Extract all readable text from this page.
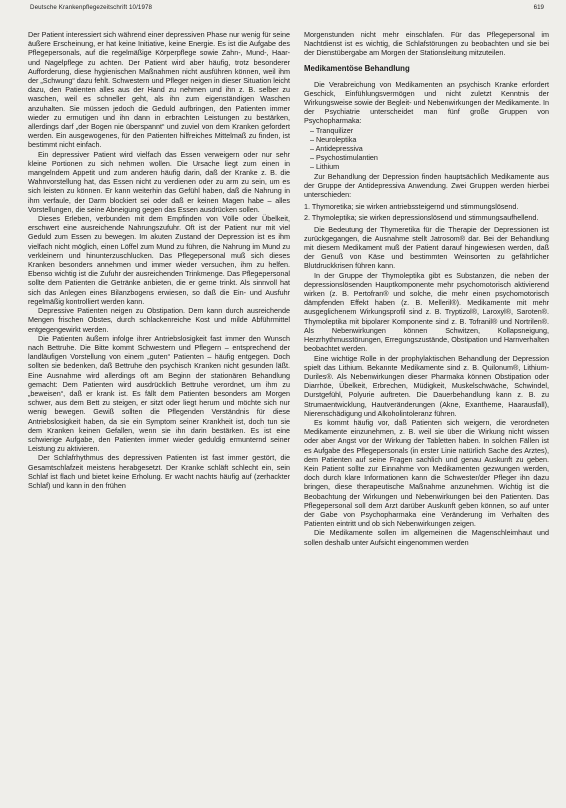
Deutsche Krankenpflegezeitschrift 10/1978	619

Der Patient interessiert sich während einer depressiven Phase nur wenig für seine äußere Erscheinung, er hat keine Initiative, keine Energie. Es ist die Aufgabe des Pflegepersonals, auf die regelmäßige Körperpflege sowie Zahn-, Mund-, Haar- und Nagelpflege zu achten. Der Patient wird aber häufig, trotz besonderer Aufforderung, diese hygienischen Maßnahmen nicht ausführen können, weil ihm der „Schwung“ dazu fehlt. Schwestern und Pfleger neigen in dieser Situation leicht dazu, den Patienten alles aus der Hand zu nehmen und ihn z. B. selber zu waschen, weil es schneller geht, als ihn zum eigenständigen Waschen anzuhalten. Sie müssen jedoch die Geduld aufbringen, den Patienten immer wieder zu ermutigen und ihn dann in erbrachten Leistungen zu bestärken, allerdings darf „der Bogen nie überspannt“ und zuviel von dem Kranken gefordert werden. Ein ausgewogenes, für den Patienten hilfreiches Mittelmaß zu finden, ist bestimmt nicht einfach.

Ein depressiver Patient wird vielfach das Essen verweigern oder nur sehr kleine Portionen zu sich nehmen wollen. Die Ursache liegt zum einen in mangelndem Appetit und zum anderen häufig darin, daß der Kranke z. B. die Wahnvorstellung hat, das Essen nicht zu verdienen oder zu arm zu sein, um es sich leisten zu können. Er kann weiterhin das Gefühl haben, daß die Nahrung in ihm verfaule, der Darm blockiert sei oder daß er keinen Magen habe – alles Vorstellungen, die seine Abneigung gegen das Essen ausdrücken sollen.

Dieses Erleben, verbunden mit dem Empfinden von Völle oder Übelkeit, erschwert eine ausreichende Nahrungszufuhr. Oft ist der Patient nur mit viel Geduld zum Essen zu bewegen. Im akuten Zustand der Depression ist es ihm vielfach nicht möglich, einen Löffel zum Mund zu führen, die Nahrung im Mund zu verkleinern und hinunterzuschlucken. Das Pflegepersonal muß sich dieses Kranken besonders annehmen und immer wieder versuchen, ihm zu helfen. Ebenso wichtig ist die Zufuhr der ausreichenden Trinkmenge. Das Pflegepersonal sollte dem Patienten die Getränke anbieten, die er gerne trinkt. Als sinnvoll hat sich das Anlegen eines Bilanzbogens erwiesen, so daß die Ein- und Ausfuhr regelmäßig kontrolliert werden kann.

Depressive Patienten neigen zu Obstipation. Dem kann durch ausreichende Mengen frischen Obstes, durch schlackenreiche Kost und milde Abführmittel entgegengewirkt werden.

Die Patienten äußern infolge ihrer Antriebslosigkeit fast immer den Wunsch nach Bettruhe. Die Bitte kommt Schwestern und Pflegern – entsprechend der landläufigen Vorstellung von einem „guten“ Patienten – häufig entgegen. Doch sollten sie bedenken, daß Bettruhe den psychisch Kranken nicht gesunden läßt. Eine Ausnahme wird allerdings oft am Beginn der stationären Behandlung gemacht: Dem Patienten wird ausdrücklich Bettruhe verordnet, um ihm zu „beweisen“, daß er krank ist. Es fällt dem Patienten besonders am Morgen schwer, aus dem Bett zu steigen, er sitzt oder liegt herum und möchte sich nur wenig bewegen. Gewiß sollten die Pflegenden Verständnis für diese Antriebslosigkeit haben, da sie ein Symptom seiner Krankheit ist, doch tun sie dem Kranken keinen Gefallen, wenn sie ihn darin bestärken. Es ist eine schwierige Aufgabe, den Patienten immer wieder geduldig ermunternd seiner Leistung zu aktivieren.

Der Schlafrhythmus des depressiven Patienten ist fast immer gestört, die Gesamtschlafzeit meistens herabgesetzt. Der Kranke schläft schlecht ein, sein Schlaf ist flach und bietet keine Erholung. Er wacht nachts häufig auf (zerhackter Schlaf) und kann in den frühen

Morgenstunden nicht mehr einschlafen. Für das Pflegepersonal im Nachtdienst ist es wichtig, die Schlafstörungen zu beobachten und sie bei der Dienstübergabe am Morgen der Stationsleitung mitzuteilen.

Medikamentöse Behandlung

Die Verabreichung von Medikamenten an psychisch Kranke erfordert Geschick, Einfühlungsvermögen und nicht zuletzt Kenntnis der Wirkungsweise sowie der Begleit- und Nebenwirkungen der Medikamente. In der Psychiatrie unterscheidet man fünf große Gruppen von Psychopharmaka:

– Tranquilizer
– Neuroleptika
– Antidepressiva
– Psychostimulantien
– Lithium

Zur Behandlung der Depression finden hauptsächlich Medikamente aus der Gruppe der Antidepressiva Anwendung. Zwei Gruppen werden hierbei unterschieden:

1. Thymoretika; sie wirken antriebssteigernd und stimmungslösend.
2. Thymoleptika; sie wirken depressionslösend und stimmungsaufhellend.

Die Bedeutung der Thymeretika für die Therapie der Depressionen ist zurückgegangen, die Ausnahme stellt Jatrosom® dar. Bei der Behandlung mit diesem Medikament muß der Patient darauf hingewiesen werden, daß der Genuß von Käse und bestimmten Weinsorten zu gefährlicher Blutdruckkrisen führen kann.

In der Gruppe der Thymoleptika gibt es Substanzen, die neben der depressionslösenden Hauptkomponente mehr psychomotorisch aktivierend wirken (z. B. Pertofran® und solche, die mehr einen psychomotorisch dämpfenden Effekt haben (z. B. Melleril®). Medikamente mit mehr ausgeglichenem Wirkungsprofil sind z. B. Tryptizol®, Laroxyl®, Saroten®. Thymoleptika mit bipolarer Komponente sind z. B. Tofranil® und Nortrilen®. Als Nebenwirkungen können Schwitzen, Kollapsneigung, Herzrhythmusstörungen, Erregungszustände, Obstipation und Harnverhalten beobachtet werden.

Eine wichtige Rolle in der prophylaktischen Behandlung der Depression spielt das Lithium. Bekannte Medikamente sind z. B. Quilonum®, Lithium-Duriles®. Als Nebenwirkungen dieser Pharmaka können Obstipation oder Diarrhöe, Übelkeit, Erbrechen, Müdigkeit, Muskelschwäche, Schwindel, Durstgefühl, Polyurie auftreten. Die Dauerbehandlung kann z. B. zu Strumaentwicklung, Hautveränderungen (Akne, Exantheme, Haarausfall), Nierenschädigung und Alkoholintoleranz führen.

Es kommt häufig vor, daß Patienten sich weigern, die verordneten Medikamente einzunehmen, z. B. weil sie über die Wirkung nicht wissen oder aber Angst vor der Wirkung der Tabletten haben. In solchen Fällen ist es Aufgabe des Pflegepersonals (in erster Linie natürlich Sache des Arztes), dem Patienten auf seine Fragen sachlich und genau Auskunft zu geben. Kein Patient sollte zur Einnahme von Medikamenten gezwungen werden, doch durch klare Informationen kann die Schwester/der Pfleger ihn dazu bringen, diese therapeutische Maßnahme anzunehmen. Wichtig ist die Beobachtung der Wirkungen und Nebenwirkungen bei den Patienten. Das Pflegepersonal soll dem Arzt darüber Auskunft geben können, so auf unter der Gabe von Psychopharmaka eine Veränderung im Verhalten des Patienten eintritt und ob sich Nebenwirkungen zeigen.

Die Medikamente sollen im allgemeinen die Magenschleimhaut und sollen deshalb unter Aufsicht eingenommen werden
